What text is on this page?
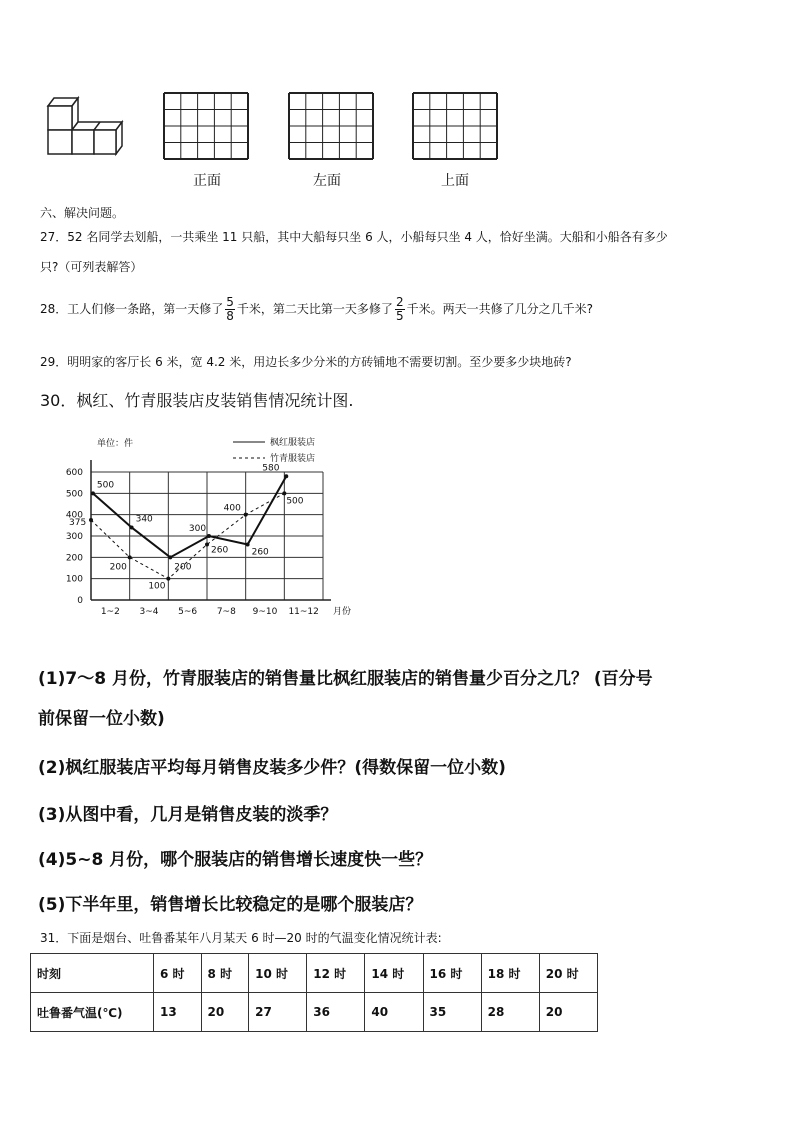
正面	左面	上面
六、解决问题。
27．52 名同学去划船，一共乘坐 11 只船，其中大船每只坐 6 人，小船每只坐 4 人，恰好坐满。大船和小船各有多少
只?（可列表解答）
28．工人们修一条路，第一天修了 $\frac{5}{8}$ 千米，第二天比第一天多修了 $\frac{2}{5}$ 千米。两天一共修了几分之几千米?
29．明明家的客厅长 6 米，宽 4.2 米，用边长多少分米的方砖铺地不需要切割。至少要多少块地砖?
30．枫红、竹青服装店皮装销售情况统计图.
0
100
200
300
400
500
600
1~2 3~4 5~6 7~8 9~10 11~12
单位：件
月份
枫红服装店
竹青服装店
500
340
200
300
260
580
375
200
100
260
400
500
(1)7～8 月份，竹青服装店的销售量比枫红服装店的销售量少百分之几？ (百分号
前保留一位小数)
(2)枫红服装店平均每月销售皮装多少件？(得数保留一位小数)
(3)从图中看，几月是销售皮装的淡季？
(4)5~8 月份，哪个服装店的销售增长速度快一些？
(5)下半年里，销售增长比较稳定的是哪个服装店？
31．下面是烟台、吐鲁番某年八月某天 6 时—20 时的气温变化情况统计表:
时刻	6 时	8 时	10 时	12 时	14 时	16 时	18 时	20 时
吐鲁番气温(℃)	13	20	27	36	40	35	28	20
